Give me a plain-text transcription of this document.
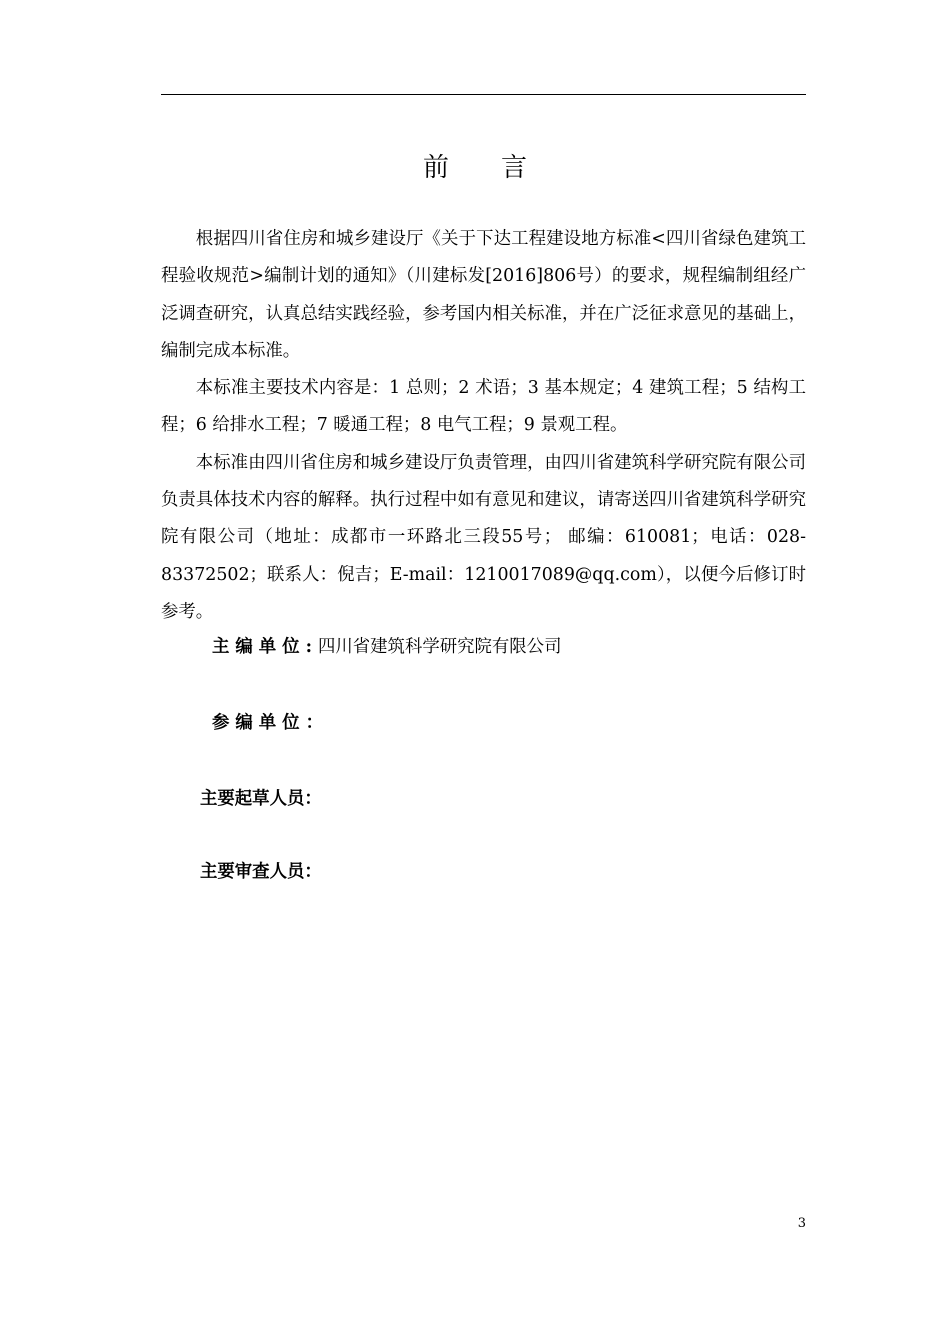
前言

根据四川省住房和城乡建设厅《关于下达工程建设地方标准<四川省绿色建筑工程验收规范>编制计划的通知》（川建标发[2016]806号）的要求，规程编制组经广泛调查研究，认真总结实践经验，参考国内相关标准，并在广泛征求意见的基础上，编制完成本标准。

本标准主要技术内容是：1 总则；2 术语；3 基本规定；4 建筑工程；5 结构工程；6 给排水工程；7 暖通工程；8 电气工程；9 景观工程。

本标准由四川省住房和城乡建设厅负责管理，由四川省建筑科学研究院有限公司负责具体技术内容的解释。执行过程中如有意见和建议，请寄送四川省建筑科学研究院有限公司（地址：成都市一环路北三段55号； 邮编：610081；电话：028-83372502；联系人：倪吉；E-mail：1210017089@qq.com），以便今后修订时参考。

主编单位:四川省建筑科学研究院有限公司
参编单位：
主要起草人员：
主要审查人员：
3
